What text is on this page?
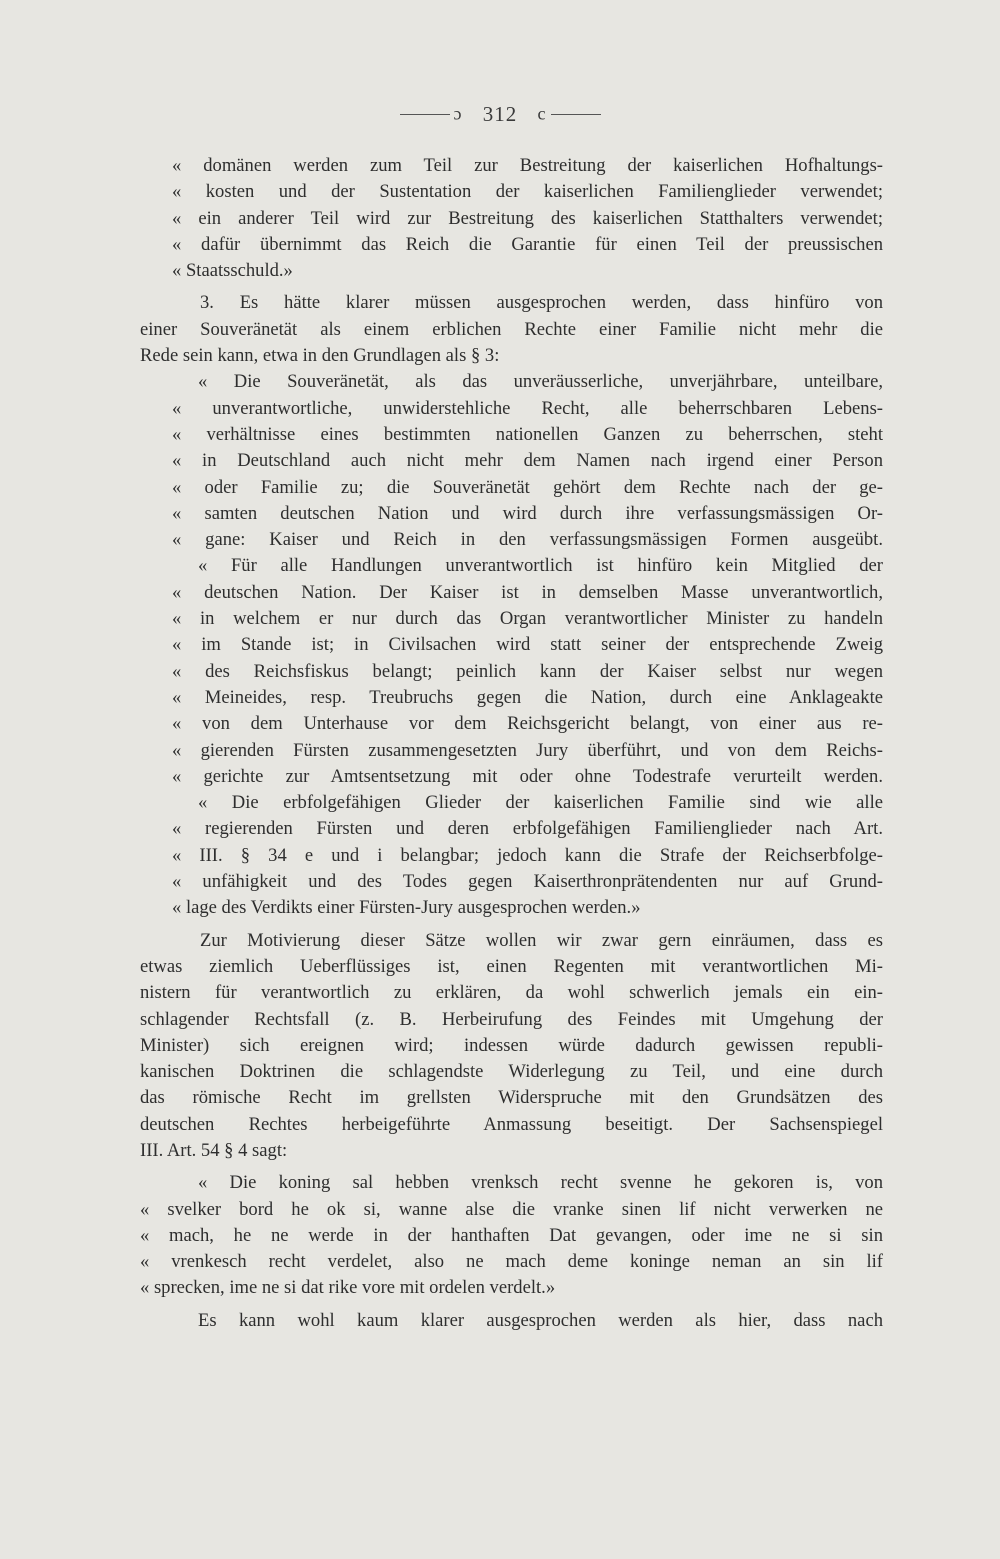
ɔ 312 c
« domänen werden zum Teil zur Bestreitung der kaiserlichen Hofhaltungs-
« kosten und der Sustentation der kaiserlichen Familienglieder verwendet;
« ein anderer Teil wird zur Bestreitung des kaiserlichen Statthalters verwendet;
« dafür übernimmt das Reich die Garantie für einen Teil der preussischen
« Staatsschuld.»
3. Es hätte klarer müssen ausgesprochen werden, dass hinfüro von
einer Souveränetät als einem erblichen Rechte einer Familie nicht mehr die
Rede sein kann, etwa in den Grundlagen als § 3:
« Die Souveränetät, als das unveräusserliche, unverjährbare, unteilbare,
« unverantwortliche, unwiderstehliche Recht, alle beherrschbaren Lebens-
« verhältnisse eines bestimmten nationellen Ganzen zu beherrschen, steht
« in Deutschland auch nicht mehr dem Namen nach irgend einer Person
« oder Familie zu; die Souveränetät gehört dem Rechte nach der ge-
« samten deutschen Nation und wird durch ihre verfassungsmässigen Or-
« gane: Kaiser und Reich in den verfassungsmässigen Formen ausgeübt.
« Für alle Handlungen unverantwortlich ist hinfüro kein Mitglied der
« deutschen Nation. Der Kaiser ist in demselben Masse unverantwortlich,
« in welchem er nur durch das Organ verantwortlicher Minister zu handeln
« im Stande ist; in Civilsachen wird statt seiner der entsprechende Zweig
« des Reichsfiskus belangt; peinlich kann der Kaiser selbst nur wegen
« Meineides, resp. Treubruchs gegen die Nation, durch eine Anklageakte
« von dem Unterhause vor dem Reichsgericht belangt, von einer aus re-
« gierenden Fürsten zusammengesetzten Jury überführt, und von dem Reichs-
« gerichte zur Amtsentsetzung mit oder ohne Todestrafe verurteilt werden.
« Die erbfolgefähigen Glieder der kaiserlichen Familie sind wie alle
« regierenden Fürsten und deren erbfolgefähigen Familienglieder nach Art.
« III. § 34 e und i belangbar; jedoch kann die Strafe der Reichserbfolge-
« unfähigkeit und des Todes gegen Kaiserthronprätendenten nur auf Grund-
« lage des Verdikts einer Fürsten-Jury ausgesprochen werden.»
Zur Motivierung dieser Sätze wollen wir zwar gern einräumen, dass es
etwas ziemlich Ueberflüssiges ist, einen Regenten mit verantwortlichen Mi-
nistern für verantwortlich zu erklären, da wohl schwerlich jemals ein ein-
schlagender Rechtsfall (z. B. Herbeirufung des Feindes mit Umgehung der
Minister) sich ereignen wird; indessen würde dadurch gewissen republi-
kanischen Doktrinen die schlagendste Widerlegung zu Teil, und eine durch
das römische Recht im grellsten Widerspruche mit den Grundsätzen des
deutschen Rechtes herbeigeführte Anmassung beseitigt. Der Sachsenspiegel
III. Art. 54 § 4 sagt:
« Die koning sal hebben vrenksch recht svenne he gekoren is, von
« svelker bord he ok si, wanne alse die vranke sinen lif nicht verwerken ne
« mach, he ne werde in der hanthaften Dat gevangen, oder ime ne si sin
« vrenkesch recht verdelet, also ne mach deme koninge neman an sin lif
« sprecken, ime ne si dat rike vore mit ordelen verdelt.»
Es kann wohl kaum klarer ausgesprochen werden als hier, dass nach
